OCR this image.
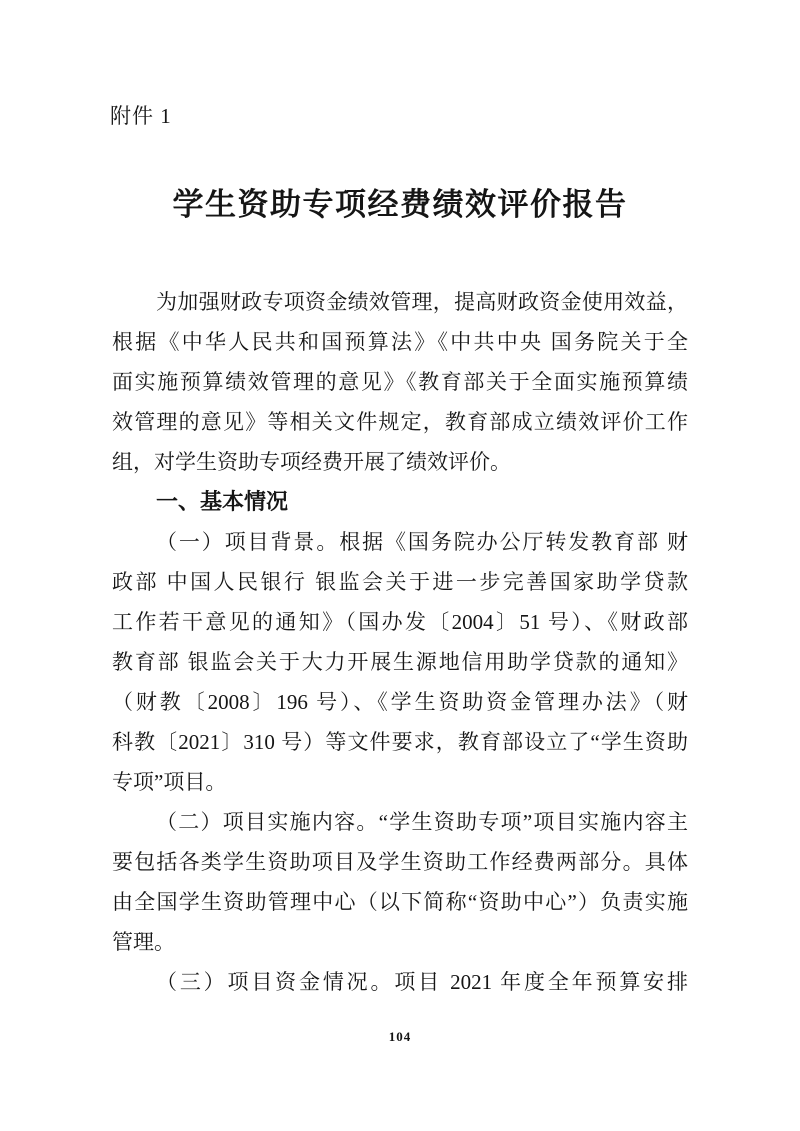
附件 1
学生资助专项经费绩效评价报告
为加强财政专项资金绩效管理，提高财政资金使用效益，
根据《中华人民共和国预算法》《中共中央 国务院关于全
面实施预算绩效管理的意见》《教育部关于全面实施预算绩
效管理的意见》等相关文件规定，教育部成立绩效评价工作
组，对学生资助专项经费开展了绩效评价。
一、基本情况
（一）项目背景。根据《国务院办公厅转发教育部 财
政部 中国人民银行 银监会关于进一步完善国家助学贷款
工作若干意见的通知》（国办发〔2004〕51 号）、《财政部
教育部 银监会关于大力开展生源地信用助学贷款的通知》
（财教〔2008〕196 号）、《学生资助资金管理办法》（财
科教〔2021〕310 号）等文件要求，教育部设立了“学生资助
专项”项目。
（二）项目实施内容。“学生资助专项”项目实施内容主
要包括各类学生资助项目及学生资助工作经费两部分。具体
由全国学生资助管理中心（以下简称“资助中心”）负责实施
管理。
（三）项目资金情况。项目 2021 年度全年预算安排
104
